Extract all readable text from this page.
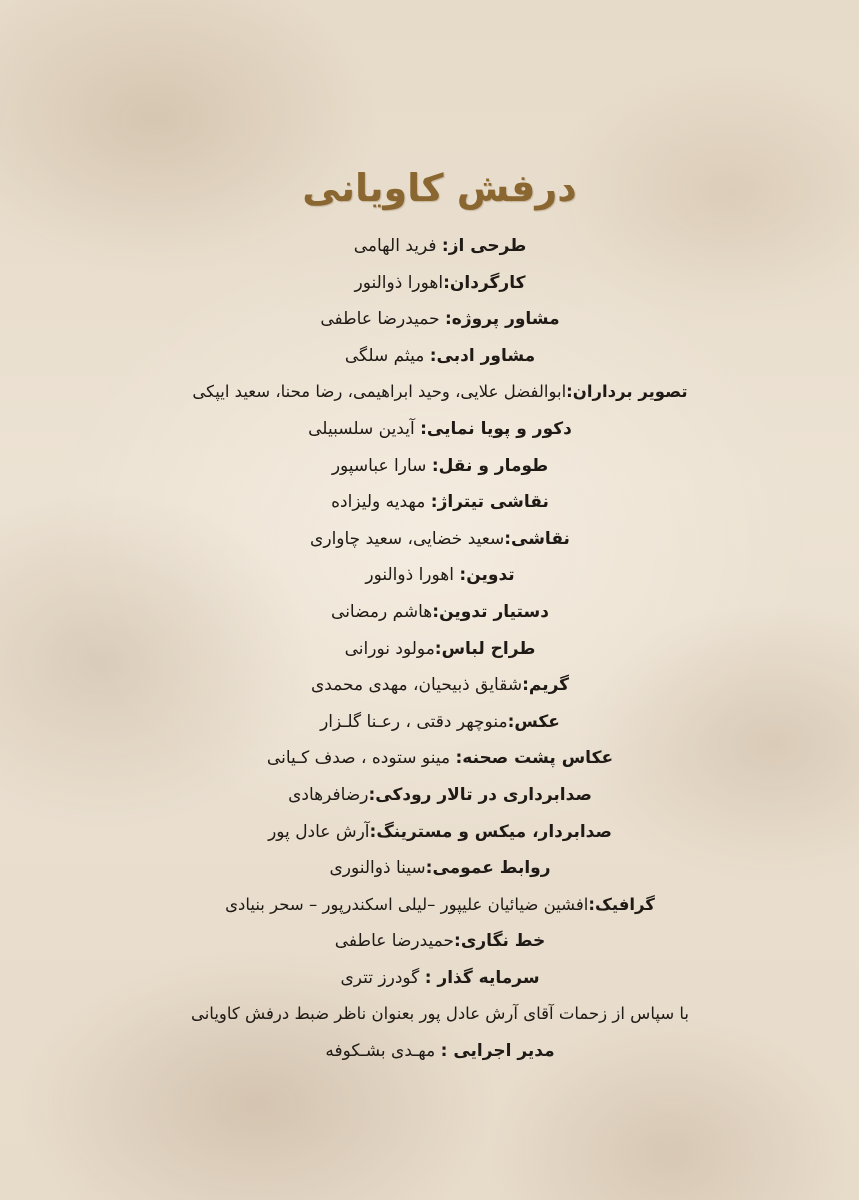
درفش کاویانی
طرحی از: فرید الهامی
کارگردان:اهورا ذوالنور
مشاور پروژه: حمیدرضا عاطفی
مشاور ادبی: میثم سلگی
تصویر برداران:ابوالفضل علایی، وحید ابراهیمی، رضا محنا، سعید ایپکی
دکور و پویا نمایی: آیدین سلسبیلی
طومار و نقل: سارا عباسپور
نقاشی تیتراژ: مهدیه ولیزاده
نقاشی:سعید خضایی، سعید چاواری
تدوین: اهورا ذوالنور
دستیار تدوین:هاشم رمضانی
طراح لباس:مولود نورانی
گریم:شقایق ذبیحیان، مهدی محمدی
عکس:منوچهر دقتی ، رعـنا گلـزار
عکاس پشت صحنه: مینو ستوده ، صدف کـیانی
صدابرداری در تالار رودکی:رضافرهادی
صدابردار، میکس و مسترینگ:آرش عادل پور
روابط عمومی:سینا ذوالنوری
گرافیک:افشین ضیائیان علیپور –لیلی اسکندرپور – سحر بنیادی
خط نگاری:حمیدرضا عاطفی
سرمایه گذار : گودرز تتری
با سپاس از زحمات آقای آرش عادل پور بعنوان ناظر ضبط درفش کاویانی
مدیر اجرایی : مهـدی بشـکوفه
